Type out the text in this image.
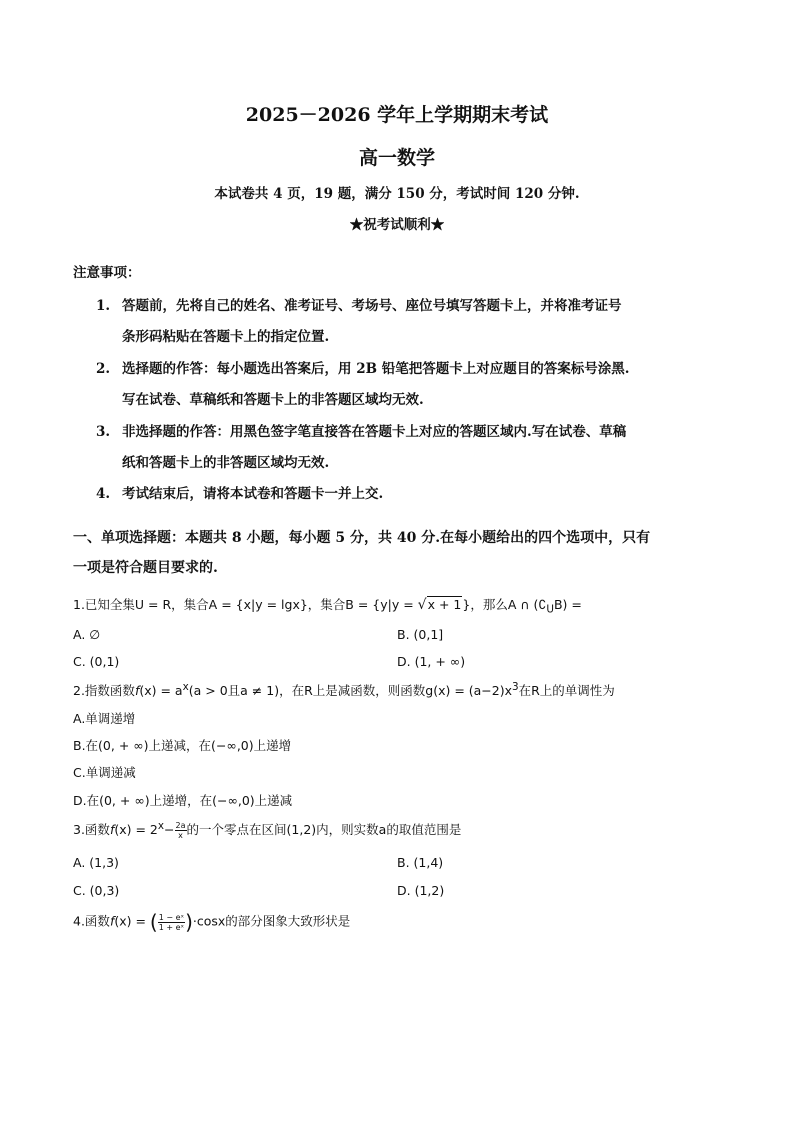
2025－2026 学年上学期期末考试
高一数学
本试卷共 4 页，19 题，满分 150 分，考试时间 120 分钟.
★祝考试顺利★
注意事项：
1. 答题前，先将自己的姓名、准考证号、考场号、座位号填写答题卡上，并将准考证号
条形码粘贴在答题卡上的指定位置.
2. 选择题的作答：每小题选出答案后，用 2B 铅笔把答题卡上对应题目的答案标号涂黑.
写在试卷、草稿纸和答题卡上的非答题区域均无效.
3. 非选择题的作答：用黑色签字笔直接答在答题卡上对应的答题区域内.写在试卷、草稿
纸和答题卡上的非答题区域均无效.
4. 考试结束后，请将本试卷和答题卡一并上交.
一、单项选择题：本题共 8 小题，每小题 5 分，共 40 分.在每小题给出的四个选项中，只有
一项是符合题目要求的.
1.已知全集U = R，集合A = {x|y = lgx}，集合B = {y|y = √x + 1}，那么A ∩ $(∁_UB)$ =
A. ∅	B. (0,1]
C. (0,1)	D. (1, + ∞)
2.指数函数$f(x) = a^x(a > 0$且a ≠ 1)，在R上是减函数，则函数$g(x) = (a-2)x^3$在R上的单调性为
A.单调递增
B.在(0, + ∞)上递减，在(−∞,0)上递增
C.单调递减
D.在(0, + ∞)上递增，在(−∞,0)上递减
3.函数$f(x) = 2^x- \frac{2a}{x}$ 的一个零点在区间(1,2)内，则实数a的取值范围是
A. (1,3)	B. (1,4)
C. (0,3)	D. (1,2)
4.函数f(x) = ( $\frac{\text{1 − eˣ}}{\text{1 + eˣ}} )\cdot\cos x$的部分图象大致形状是
